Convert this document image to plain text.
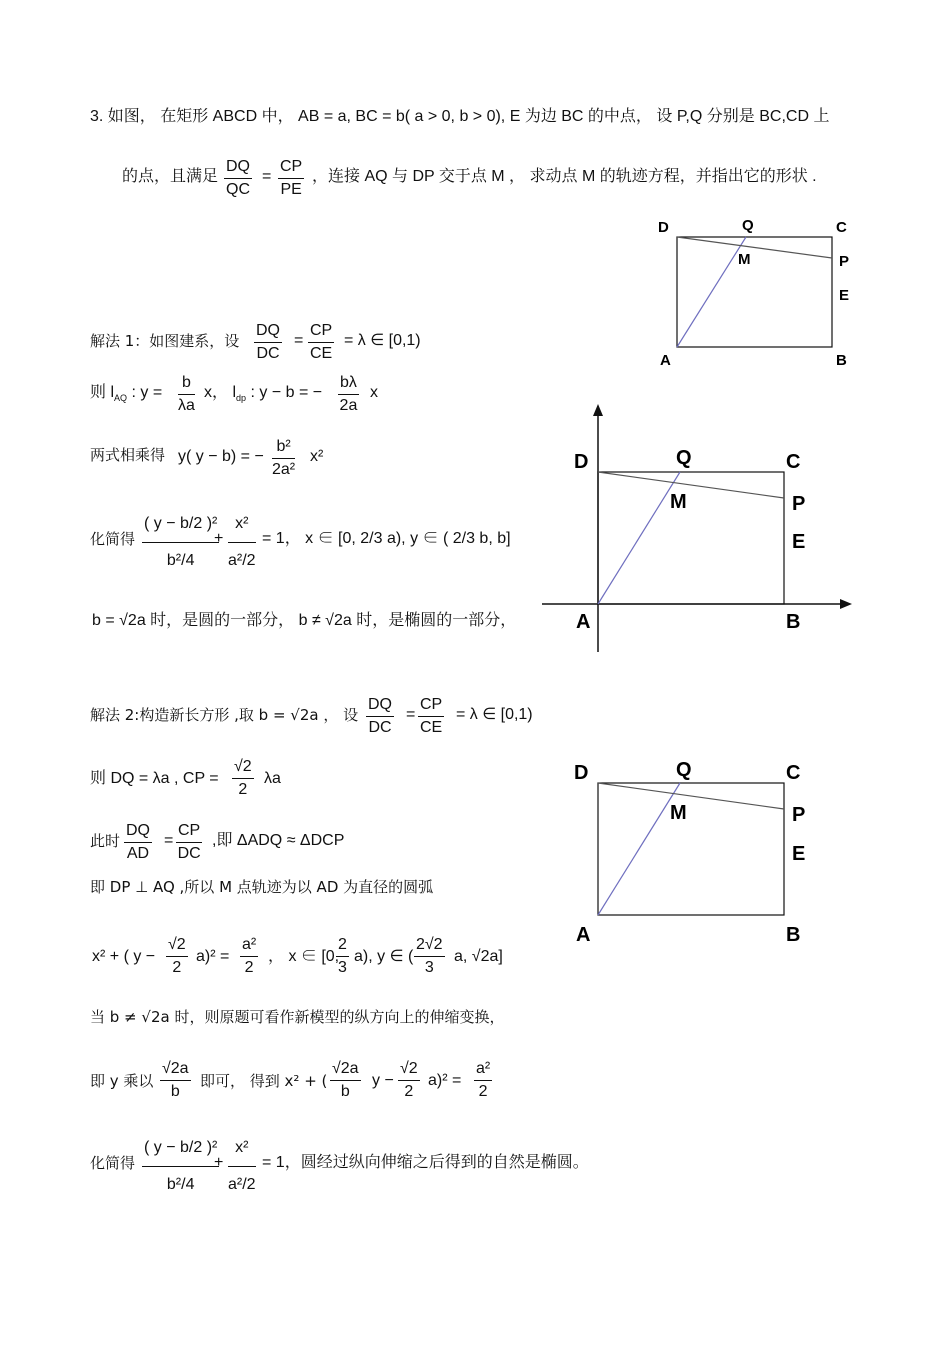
3. 如图， 在矩形 ABCD 中， AB = a, BC = b( a > 0, b > 0), E 为边 BC 的中点， 设 P,Q 分别是 BC,CD 上
的点，且满足 $\frac{DQ}{QC} = \frac{CP}{PE}$ ，连接 AQ 与 DP 交于点 M ， 求动点 M 的轨迹方程，并指出它的形状 .
D	Q	C
M	P
E
A	B
解法 1：如图建系，设 $\frac{DQ}{DC} = \frac{CP}{CE} = \lambda$ ∈ [0,1)
则 $l_{AQ}$ : $y = \frac{b}{\lambda a}$ x， $l_{dp}$ : y − b = − $\frac{b\lambda}{2a}$ x
两式相乘得 y( y − b) = − $\frac{\text{b²}}{\text{2a²}} x^2$
化简得 $\frac{\text{( y − b/2 )²}}{\text{b²/4}}$
+ $\frac{\text{x²}}{\text{a²/2}} = 1$， x ∈ [0, 2/3 a), y ∈ ( 2/3 b, b]
b = √2a 时，是圆的一部分， b ≠ √2a 时，是椭圆的一部分，
D	Q	C
M	P
E
A	B
解法 2:构造新长方形 ,取 b = √2a ， 设 $\frac{DQ}{DC} = \frac{CP}{CE} = \lambda$ ∈ [0,1)
则 DQ = λa , CP = $\frac{√2}{2}$ λa
此时 $\frac{DQ}{AD} = \frac{CP}{DC}$ ,即 ΔADQ ≈ ΔDCP
即 DP ⊥ AQ ,所以 M 点轨迹为以 AD 为直径的圆弧
x² + ( $y - \frac{√2}{2} a)^2 = \frac{\text{a²}}{2}$ ， x ∈ [0,
$\frac{2}{3} a$), y ∈ ( $\frac{2√2}{3} a$, √2a]
当 b ≠ √2a 时，则原题可看作新模型的纵方向上的伸缩变换，
即 y 乘以 $\frac{√2a}{b}$ 即可， 得到 x² + ( $\frac{√2a}{b}$ $y - \frac{√2}{2} a)^2 = \frac{\text{a²}}{2}$
化简得 $\frac{\text{( y − b/2 )²}}{\text{b²/4}}$
+ $\frac{\text{x²}}{\text{a²/2}} = 1$，圆经过纵向伸缩之后得到的自然是椭圆。
D	Q	C
M	P
E
A	B
